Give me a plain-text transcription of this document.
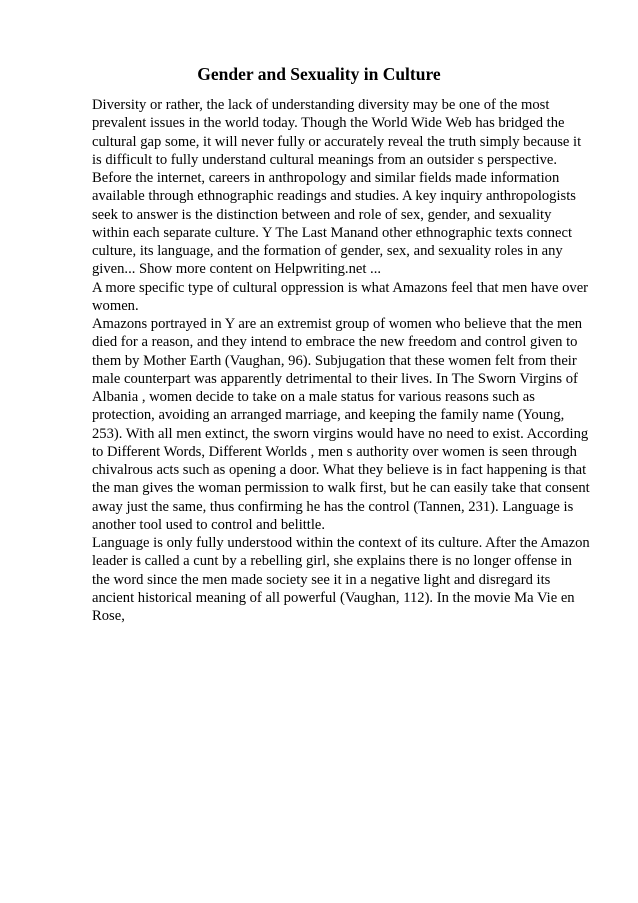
Gender and Sexuality in Culture

Diversity or rather, the lack of understanding diversity may be one of the most prevalent issues in the world today. Though the World Wide Web has bridged the cultural gap some, it will never fully or accurately reveal the truth simply because it is difficult to fully understand cultural meanings from an outsider s perspective. Before the internet, careers in anthropology and similar fields made information available through ethnographic readings and studies. A key inquiry anthropologists seek to answer is the distinction between and role of sex, gender, and sexuality within each separate culture. Y The Last Manand other ethnographic texts connect culture, its language, and the formation of gender, sex, and sexuality roles in any given... Show more content on Helpwriting.net ...

A more specific type of cultural oppression is what Amazons feel that men have over women.

Amazons portrayed in Y are an extremist group of women who believe that the men died for a reason, and they intend to embrace the new freedom and control given to them by Mother Earth (Vaughan, 96). Subjugation that these women felt from their male counterpart was apparently detrimental to their lives. In The Sworn Virgins of Albania , women decide to take on a male status for various reasons such as protection, avoiding an arranged marriage, and keeping the family name (Young, 253). With all men extinct, the sworn virgins would have no need to exist. According to Different Words, Different Worlds , men s authority over women is seen through chivalrous acts such as opening a door. What they believe is in fact happening is that the man gives the woman permission to walk first, but he can easily take that consent away just the same, thus confirming he has the control (Tannen, 231). Language is another tool used to control and belittle.

Language is only fully understood within the context of its culture. After the Amazon leader is called a cunt by a rebelling girl, she explains there is no longer offense in the word since the men made society see it in a negative light and disregard its ancient historical meaning of all powerful (Vaughan, 112). In the movie Ma Vie en Rose,
